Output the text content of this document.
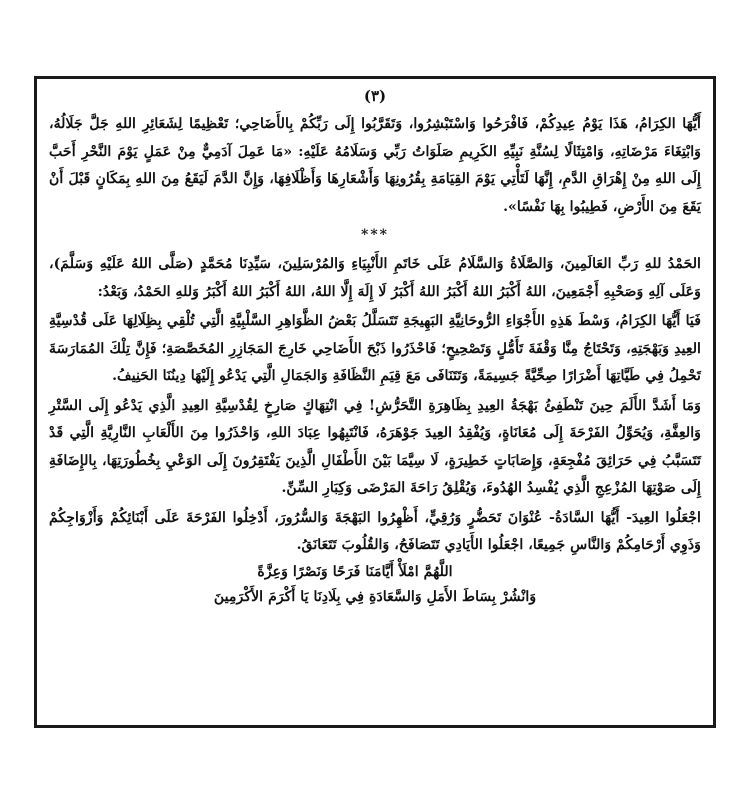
(٣)

أَيُّهَا الكِرَامُ، هَذَا يَوْمُ عِيدِكُمْ، فَافْرَحُوا وَاسْتَبْشِرُوا، وَتَقَرَّبُوا إِلَى رَبِّكُمْ بِالأَضَاحِي؛ تَعْظِيمًا لِشَعَائِرِ اللهِ جَلَّ جَلَالُهُ، وَابْتِغَاءَ مَرْضَاتِهِ، وَامْتِثَالًا لِسُنَّةِ نَبِيِّهِ الكَرِيمِ صَلَوَاتُ رَبِّي وَسَلَامُهُ عَلَيْهِ: «مَا عَمِلَ آدَمِيٌّ مِنْ عَمَلٍ يَوْمَ النَّحْرِ أَحَبَّ إِلَى اللهِ مِنْ إِهْرَاقِ الدَّمِ، إِنَّهَا لَتَأْتِي يَوْمَ القِيَامَةِ بِقُرُونِهَا وَأَشْعَارِهَا وَأَظْلَافِهَا، وَإِنَّ الدَّمَ لَيَقَعُ مِنَ اللهِ بِمَكَانٍ قَبْلَ أَنْ يَقَعَ مِنَ الأَرْضِ، فَطِيبُوا بِهَا نَفْسًا».

***

الحَمْدُ للهِ رَبِّ العَالَمِينَ، وَالصَّلَاةُ وَالسَّلَامُ عَلَى خَاتَمِ الأَنْبِيَاءِ وَالمُرْسَلِينَ، سَيِّدِنَا مُحَمَّدٍ (صَلَّى اللهُ عَلَيْهِ وَسَلَّمَ)، وَعَلَى آلِهِ وَصَحْبِهِ أَجْمَعِينَ، اللهُ أَكْبَرُ اللهُ أَكْبَرُ اللهُ أَكْبَرُ لَا إِلَهَ إِلَّا اللهُ، اللهُ أَكْبَرُ اللهُ أَكْبَرُ وَللهِ الحَمْدُ، وَبَعْدُ:

فَيَا أَيُّهَا الكِرَامُ، وَسْطَ هَذِهِ الأَجْوَاءِ الرُّوحَانِيَّةِ البَهِيجَةِ تَتَسَلَّلُ بَعْضُ الظَّوَاهِرِ السَّلْبِيَّةِ الَّتِي تُلْقِي بِظِلَالِهَا عَلَى قُدْسِيَّةِ العِيدِ وَبَهْجَتِهِ، وَتَحْتَاجُ مِنَّا وَقْفَةَ تَأَمُّلٍ وَتَصْحِيحٍ؛ فَاحْذَرُوا ذَبْحَ الأَضَاحِي خَارِجَ المَجَازِرِ المُخَصَّصَةِ؛ فَإِنَّ تِلْكَ المُمَارَسَةَ تَحْمِلُ فِي طَيَّاتِهَا أَضْرَارًا صِحِّيَّةً جَسِيمَةً، وَتَتَنَافَى مَعَ قِيَمِ النَّظَافَةِ وَالجَمَالِ الَّتِي يَدْعُو إِلَيْهَا دِينُنَا الحَنِيفُ.

وَمَا أَشَدَّ الأَلَمَ حِينَ تَنْطَفِئُ بَهْجَةُ العِيدِ بِظَاهِرَةِ التَّحَرُّشِ! فِي انْتِهَاكٍ صَارِخٍ لِقُدْسِيَّةِ العِيدِ الَّذِي يَدْعُو إِلَى السَّتْرِ وَالعِفَّةِ، وَيُحَوِّلُ الفَرْحَةَ إِلَى مُعَانَاةٍ، وَيُفْقِدُ العِيدَ جَوْهَرَهُ، فَانْتَبِهُوا عِبَادَ اللهِ، وَاحْذَرُوا مِنَ الأَلْعَابِ النَّارِيَّةِ الَّتِي قَدْ تَتَسَبَّبُ فِي حَرَائِقَ مُفْجِعَةٍ، وَإِصَابَاتٍ خَطِيرَةٍ، لَا سِيَّمَا بَيْنَ الأَطْفَالِ الَّذِينَ يَفْتَقِرُونَ إِلَى الوَعْيِ بِخُطُورَتِهَا، بِالإِضَافَةِ إِلَى صَوْتِهَا المُزْعِجِ الَّذِي يُفْسِدُ الهُدُوءَ، وَيُقْلِقُ رَاحَةَ المَرْضَى وَكِبَارِ السِّنِّ.

اجْعَلُوا العِيدَ- أَيُّهَا السَّادَةُ- عُنْوَانَ تَحَضُّرٍ وَرُقِيٍّ، أَظْهِرُوا البَهْجَةَ وَالسُّرُورَ، أَدْخِلُوا الفَرْحَةَ عَلَى أَبْنَائِكُمْ وَأَزْوَاجِكُمْ وَذَوِي أَرْحَامِكُمْ وَالنَّاسِ جَمِيعًا، اجْعَلُوا الأَيَادِي تَتَصَافَحُ، وَالقُلُوبَ تَتَعَانَقُ.

اللَّهُمَّ امْلَأْ أَيَّامَنَا فَرَحًا وَنَصْرًا وَعِزَّةً

وَانْشُرْ بِسَاطَ الأَمَلِ وَالسَّعَادَةِ فِي بِلَادِنَا يَا أَكْرَمَ الأَكْرَمِينَ
